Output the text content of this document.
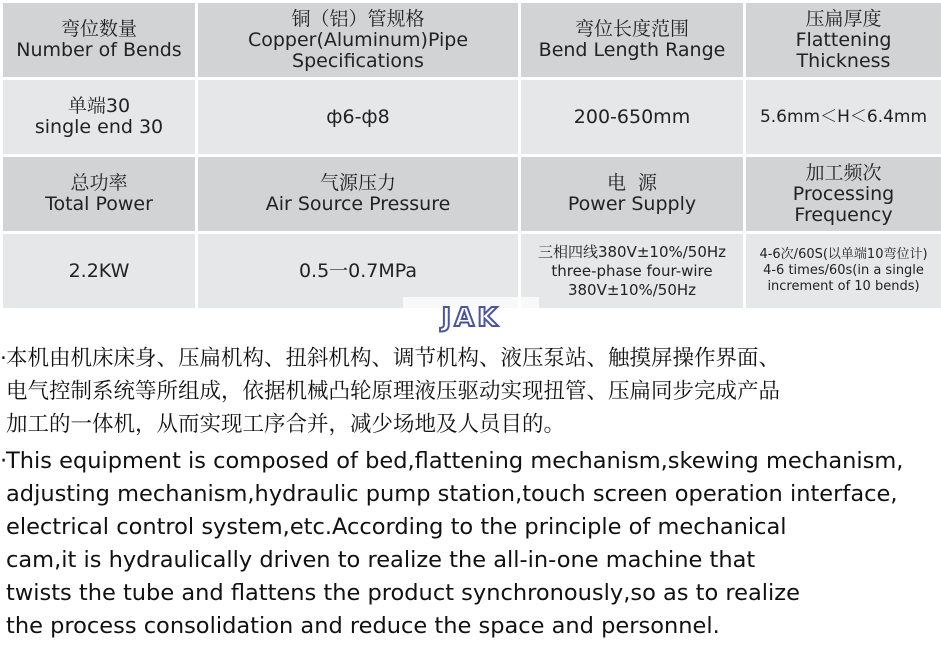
弯位数量
Number of Bends	铜（铝）管规格
Copper(Aluminum)Pipe
Specifications	弯位长度范围
Bend Length Range	压扁厚度
Flattening
Thickness

单端30
single end 30	ф6-ф8	200-650mm	5.6mm＜H＜6.4mm

总功率
Total Power	气源压力
Air Source Pressure	电  源
Power Supply	加工频次
Processing
Frequency

2.2KW	0.5一0.7MPa	三相四线380V±10%/50Hz
three-phase four-wire
380V±10%/50Hz	4-6次/60S(以单端10弯位计)
4-6 times/60s(in a single
increment of 10 bends)
JAK
·本机由机床床身、压扁机构、扭斜机构、调节机构、液压泵站、触摸屏操作界面、
电气控制系统等所组成，依据机械凸轮原理液压驱动实现扭管、压扁同步完成产品
加工的一体机，从而实现工序合并，减少场地及人员目的。
·This equipment is composed of bed,flattening mechanism,skewing mechanism,
adjusting mechanism,hydraulic pump station,touch screen operation interface,
electrical control system,etc.According to the principle of mechanical
cam,it is hydraulically driven to realize the all-in-one machine that
twists the tube and flattens the product synchronously,so as to realize
the process consolidation and reduce the space and personnel.
